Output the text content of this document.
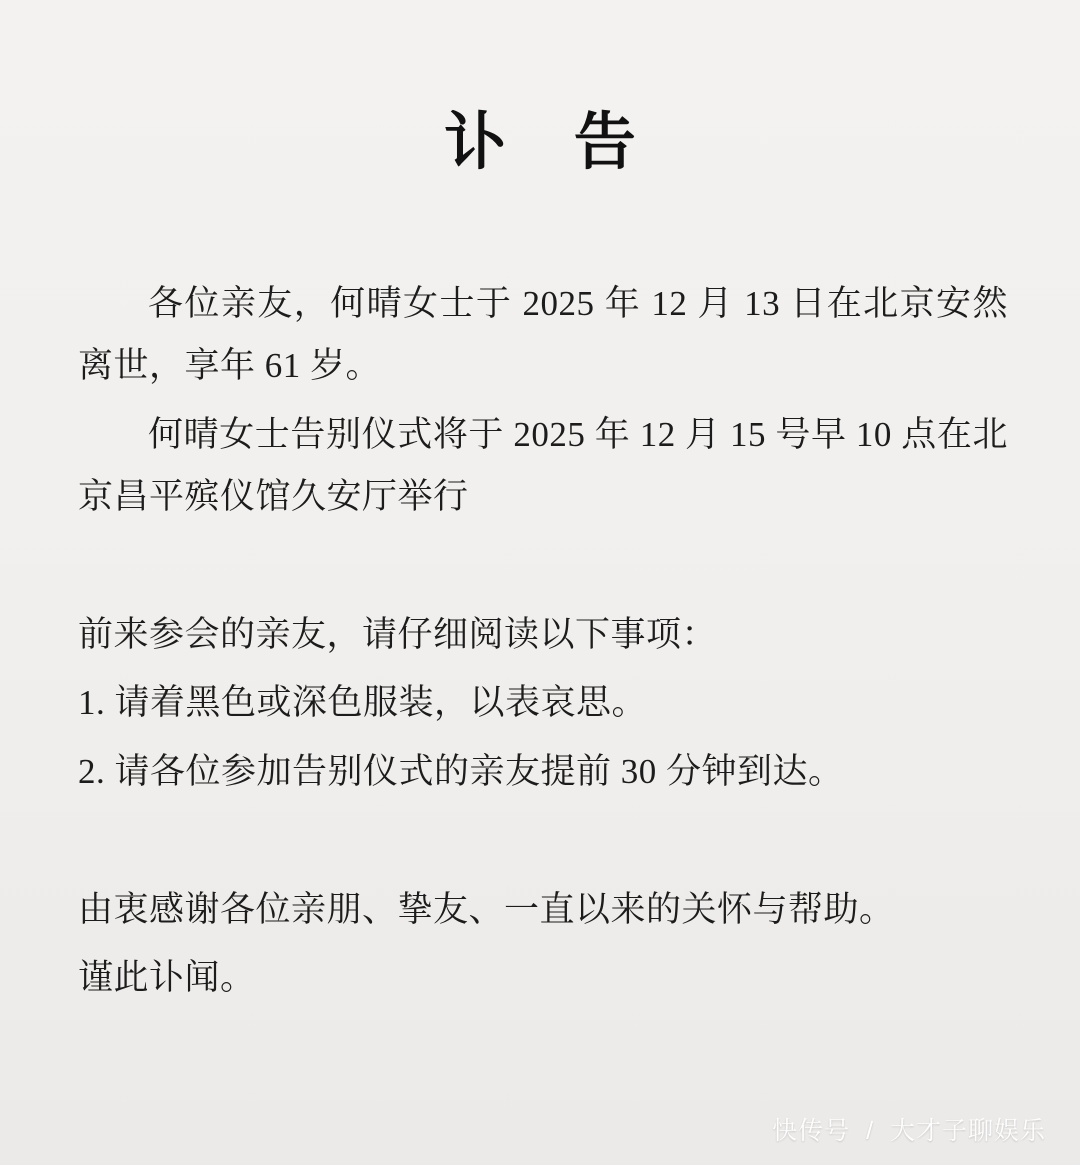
讣 告

各位亲友，何晴女士于 2025 年 12 月 13 日在北京安然离世，享年 61 岁。

何晴女士告别仪式将于 2025 年 12 月 15 号早 10 点在北京昌平殡仪馆久安厅举行

前来参会的亲友，请仔细阅读以下事项：

1. 请着黑色或深色服装，以表哀思。

2. 请各位参加告别仪式的亲友提前 30 分钟到达。

由衷感谢各位亲朋、挚友、一直以来的关怀与帮助。

谨此讣闻。

快传号 / 大才子聊娱乐
